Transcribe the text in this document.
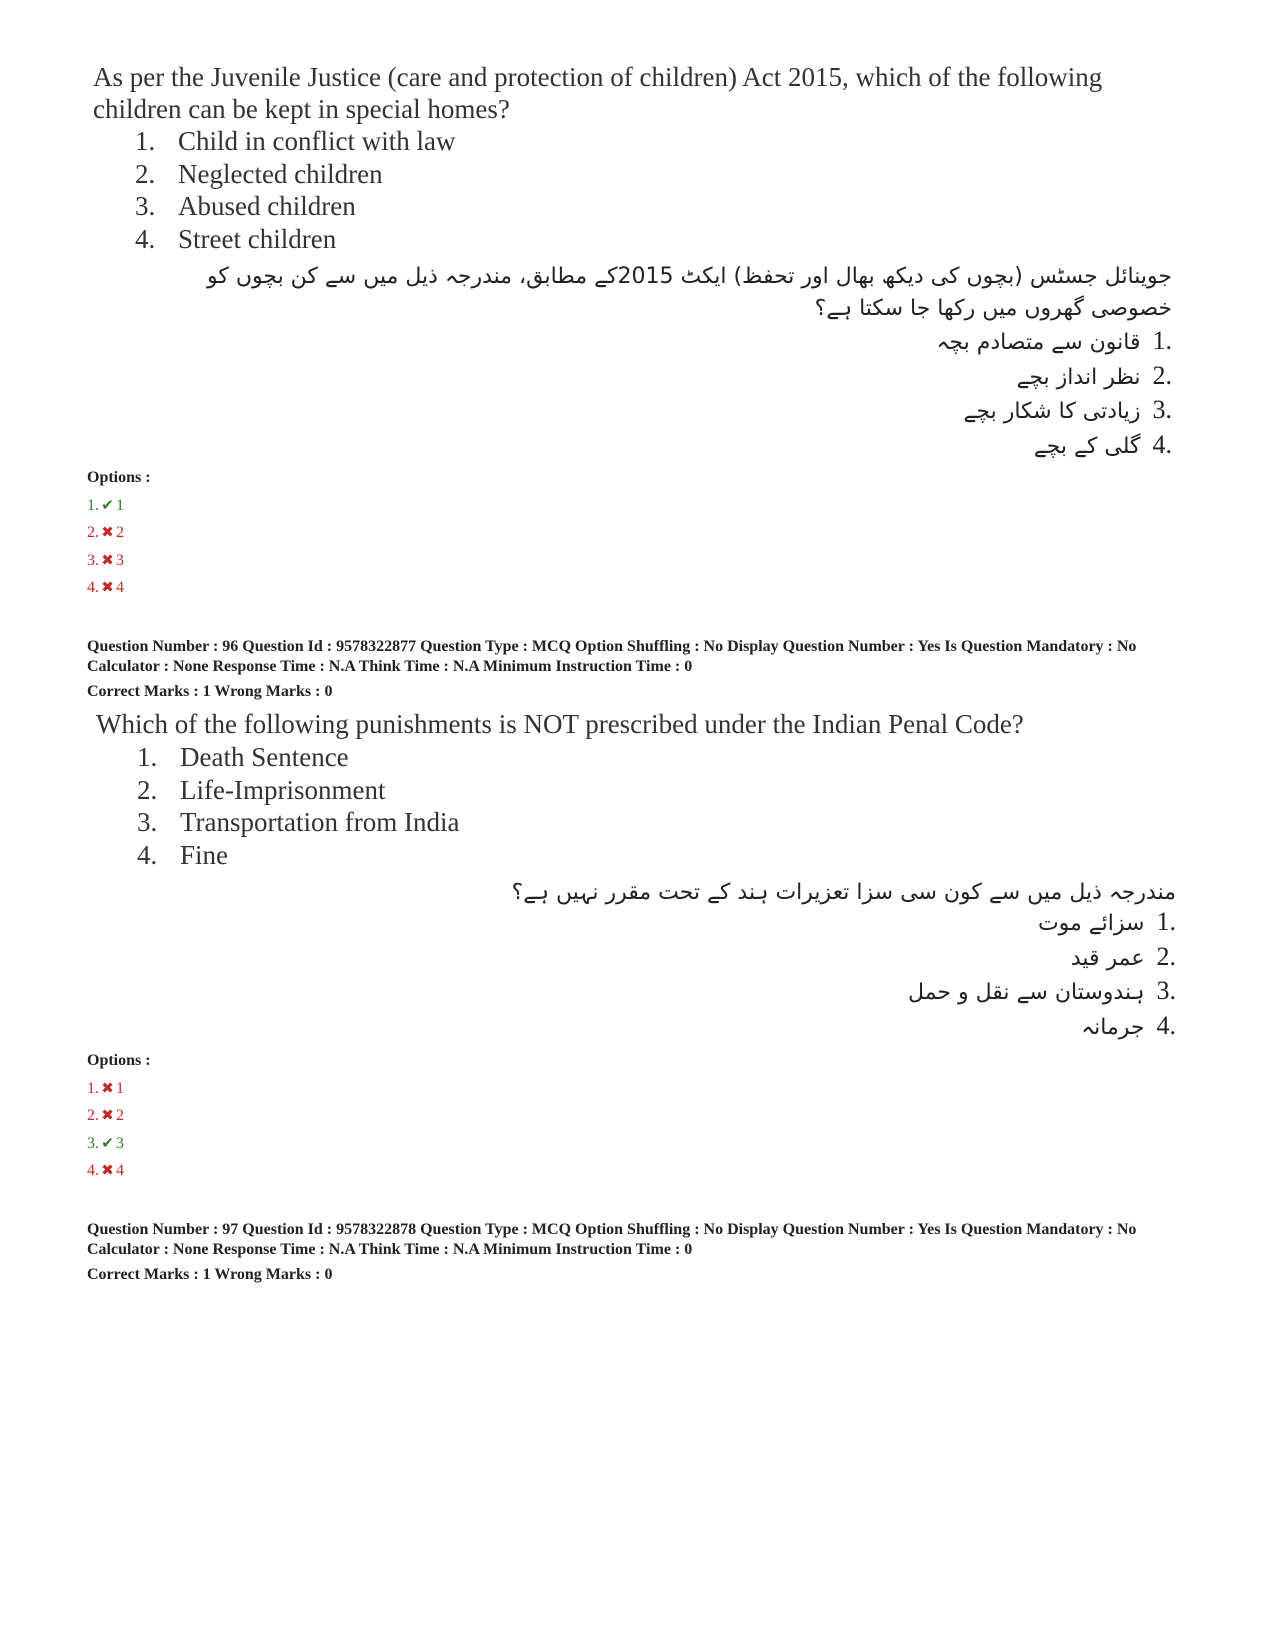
As per the Juvenile Justice (care and protection of children) Act 2015, which of the following children can be kept in special homes?
1. Child in conflict with law
2. Neglected children
3. Abused children
4. Street children
جوینائل جسٹس (بچوں کی دیکھ بھال اور تحفظ) ایکٹ 2015کے مطابق، مندرجہ ذیل میں سے کن بچوں کو خصوصی گھروں میں رکھا جا سکتا ہے؟
.1قانون سے متصادم بچہ
.2نظر انداز بچے
.3زیادتی کا شکار بچے
.4گلی کے بچے
Options :
1. ✔ 1
2. ✖ 2
3. ✖ 3
4. ✖ 4
Question Number : 96 Question Id : 9578322877 Question Type : MCQ Option Shuffling : No Display Question Number : Yes Is Question Mandatory : No Calculator : None Response Time : N.A Think Time : N.A Minimum Instruction Time : 0
Correct Marks : 1 Wrong Marks : 0
Which of the following punishments is NOT prescribed under the Indian Penal Code?
1. Death Sentence
2. Life-Imprisonment
3. Transportation from India
4. Fine
مندرجہ ذیل میں سے کون سی سزا تعزیرات ہند کے تحت مقرر نہیں ہے؟
.1سزائے موت
.2عمر قید
.3ہندوستان سے نقل و حمل
.4جرمانہ
Options :
1. ✖ 1
2. ✖ 2
3. ✔ 3
4. ✖ 4
Question Number : 97 Question Id : 9578322878 Question Type : MCQ Option Shuffling : No Display Question Number : Yes Is Question Mandatory : No Calculator : None Response Time : N.A Think Time : N.A Minimum Instruction Time : 0
Correct Marks : 1 Wrong Marks : 0
